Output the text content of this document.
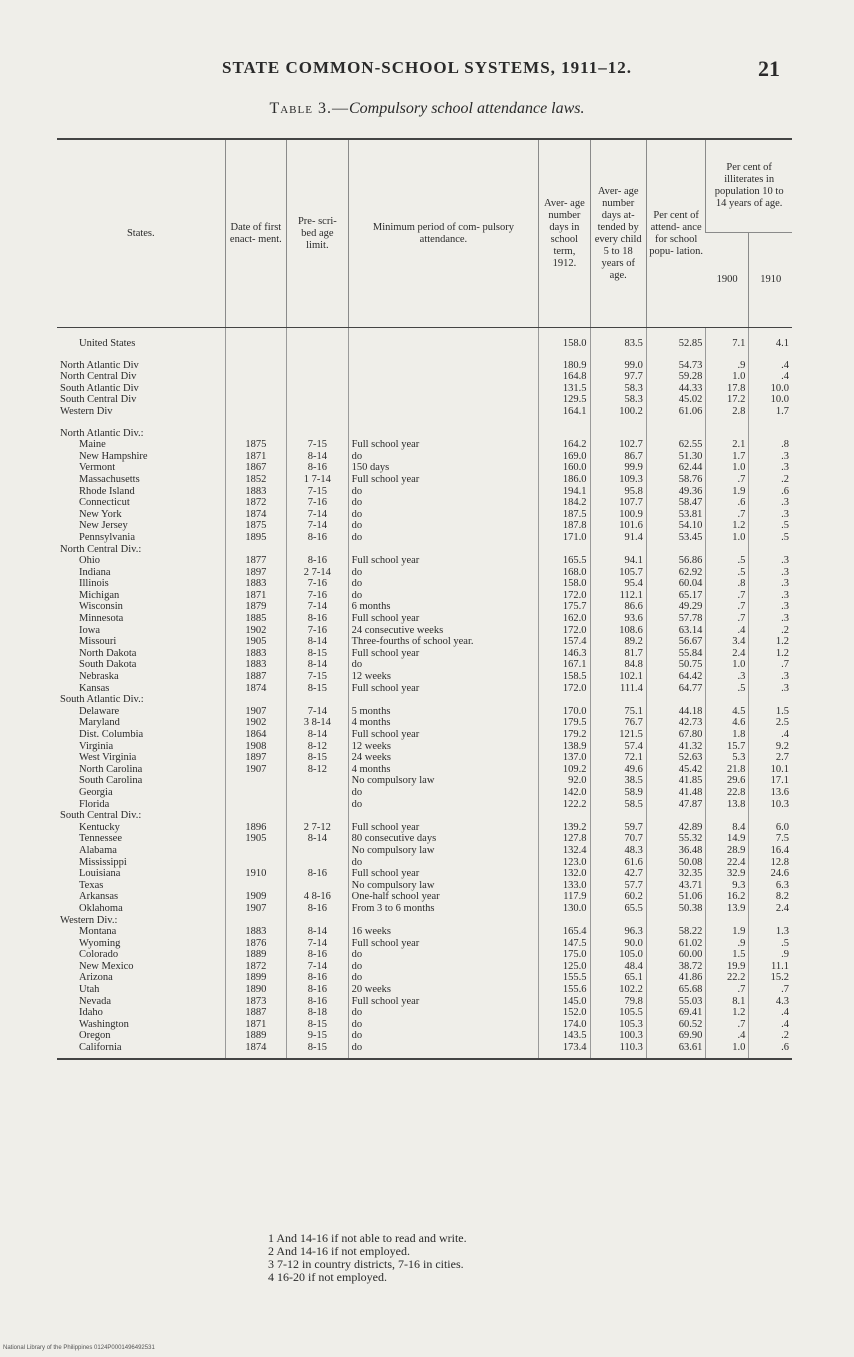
STATE COMMON-SCHOOL SYSTEMS, 1911–12.	21
Table 3.—Compulsory school attendance laws.
States.	Date of first enact- ment.	Pre- scri- bed age limit.	Minimum period of com- pulsory attendance.	Aver- age number days in school term, 1912.	Aver- age number days at- tended by every child 5 to 18 years of age.	Per cent of attend- ance for school popu- lation.	Per cent of illiterates in population 10 to 14 years of age.	
							1900	1910

United States				158.0	83.5	52.85	7.1	4.1

North Atlantic Div				180.9	99.0	54.73	.9	.4
North Central Div				164.8	97.7	59.28	1.0	.4
South Atlantic Div				131.5	58.3	44.33	17.8	10.0
South Central Div				129.5	58.3	45.02	17.2	10.0
Western Div				164.1	100.2	61.06	2.8	1.7

North Atlantic Div.:								
Maine	1875	7-15	Full school year	164.2	102.7	62.55	2.1	.8
New Hampshire	1871	8-14	do	169.0	86.7	51.30	1.7	.3
Vermont	1867	8-16	150 days	160.0	99.9	62.44	1.0	.3
Massachusetts	1852	1 7-14	Full school year	186.0	109.3	58.76	.7	.2
Rhode Island	1883	7-15	do	194.1	95.8	49.36	1.9	.6
Connecticut	1872	7-16	do	184.2	107.7	58.47	.6	.3
New York	1874	7-14	do	187.5	100.9	53.81	.7	.3
New Jersey	1875	7-14	do	187.8	101.6	54.10	1.2	.5
Pennsylvania	1895	8-16	do	171.0	91.4	53.45	1.0	.5
North Central Div.:								
Ohio	1877	8-16	Full school year	165.5	94.1	56.86	.5	.3
Indiana	1897	2 7-14	do	168.0	105.7	62.92	.5	.3
Illinois	1883	7-16	do	158.0	95.4	60.04	.8	.3
Michigan	1871	7-16	do	172.0	112.1	65.17	.7	.3
Wisconsin	1879	7-14	6 months	175.7	86.6	49.29	.7	.3
Minnesota	1885	8-16	Full school year	162.0	93.6	57.78	.7	.3
Iowa	1902	7-16	24 consecutive weeks	172.0	108.6	63.14	.4	.2
Missouri	1905	8-14	Three-fourths of school year.	157.4	89.2	56.67	3.4	1.2
North Dakota	1883	8-15	Full school year	146.3	81.7	55.84	2.4	1.2
South Dakota	1883	8-14	do	167.1	84.8	50.75	1.0	.7
Nebraska	1887	7-15	12 weeks	158.5	102.1	64.42	.3	.3
Kansas	1874	8-15	Full school year	172.0	111.4	64.77	.5	.3
South Atlantic Div.:								
Delaware	1907	7-14	5 months	170.0	75.1	44.18	4.5	1.5
Maryland	1902	3 8-14	4 months	179.5	76.7	42.73	4.6	2.5
Dist. Columbia	1864	8-14	Full school year	179.2	121.5	67.80	1.8	.4
Virginia	1908	8-12	12 weeks	138.9	57.4	41.32	15.7	9.2
West Virginia	1897	8-15	24 weeks	137.0	72.1	52.63	5.3	2.7
North Carolina	1907	8-12	4 months	109.2	49.6	45.42	21.8	10.1
South Carolina			No compulsory law	92.0	38.5	41.85	29.6	17.1
Georgia			do	142.0	58.9	41.48	22.8	13.6
Florida			do	122.2	58.5	47.87	13.8	10.3
South Central Div.:								
Kentucky	1896	2 7-12	Full school year	139.2	59.7	42.89	8.4	6.0
Tennessee	1905	8-14	80 consecutive days	127.8	70.7	55.32	14.9	7.5
Alabama			No compulsory law	132.4	48.3	36.48	28.9	16.4
Mississippi			do	123.0	61.6	50.08	22.4	12.8
Louisiana	1910	8-16	Full school year	132.0	42.7	32.35	32.9	24.6
Texas			No compulsory law	133.0	57.7	43.71	9.3	6.3
Arkansas	1909	4 8-16	One-half school year	117.9	60.2	51.06	16.2	8.2
Oklahoma	1907	8-16	From 3 to 6 months	130.0	65.5	50.38	13.9	2.4
Western Div.:								
Montana	1883	8-14	16 weeks	165.4	96.3	58.22	1.9	1.3
Wyoming	1876	7-14	Full school year	147.5	90.0	61.02	.9	.5
Colorado	1889	8-16	do	175.0	105.0	60.00	1.5	.9
New Mexico	1872	7-14	do	125.0	48.4	38.72	19.9	11.1
Arizona	1899	8-16	do	155.5	65.1	41.86	22.2	15.2
Utah	1890	8-16	20 weeks	155.6	102.2	65.68	.7	.7
Nevada	1873	8-16	Full school year	145.0	79.8	55.03	8.1	4.3
Idaho	1887	8-18	do	152.0	105.5	69.41	1.2	.4
Washington	1871	8-15	do	174.0	105.3	60.52	.7	.4
Oregon	1889	9-15	do	143.5	100.3	69.90	.4	.2
California	1874	8-15	do	173.4	110.3	63.61	1.0	.6
1 And 14-16 if not able to read and write.
2 And 14-16 if not employed.
3 7-12 in country districts, 7-16 in cities.
4 16-20 if not employed.
National Library of the Philippines 0124P0001496492531
